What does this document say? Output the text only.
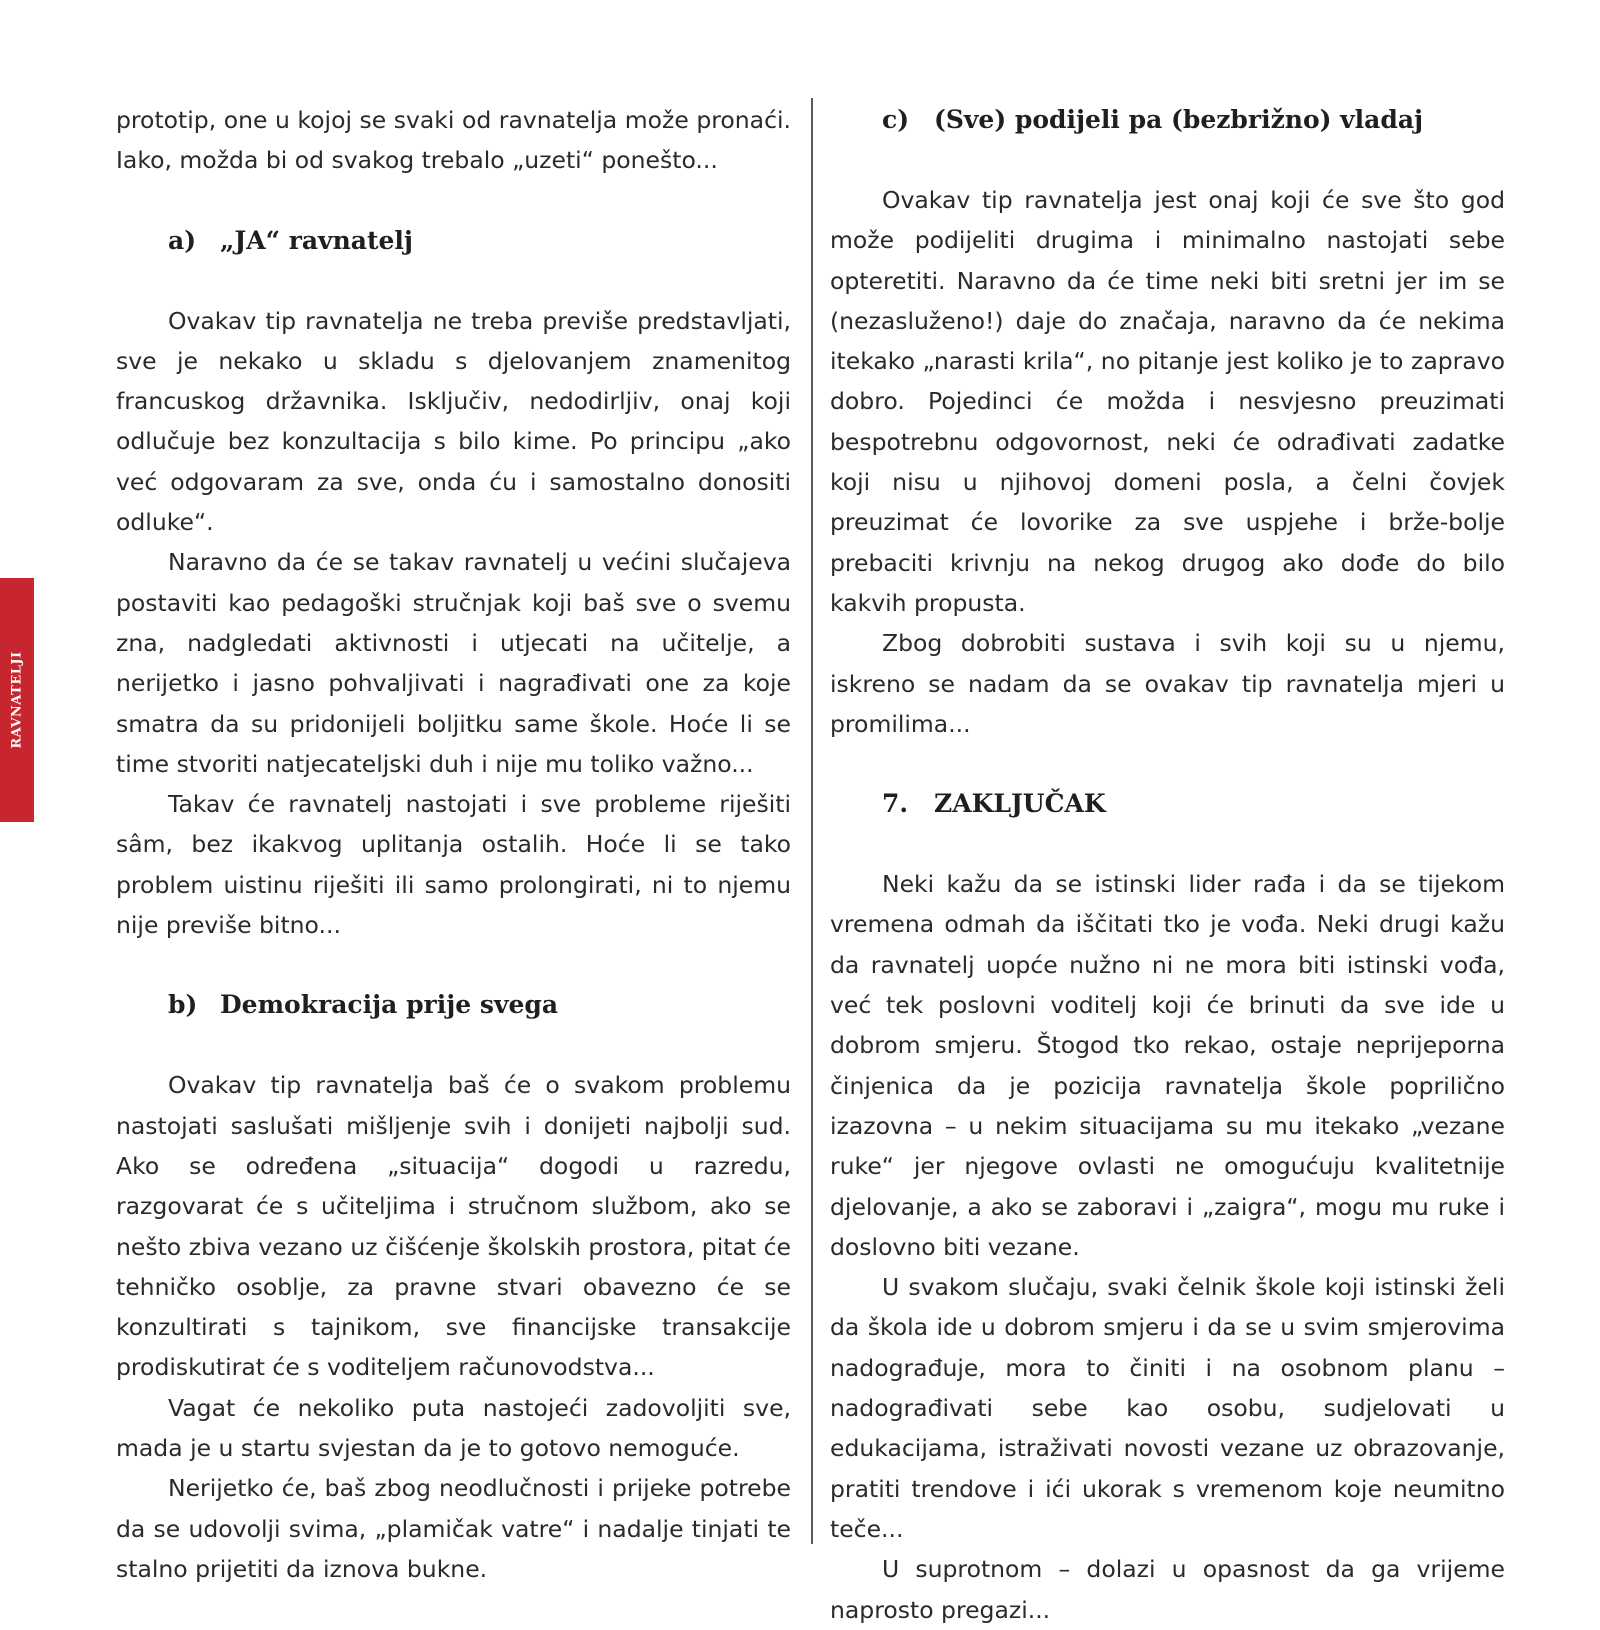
RAVNATELJI

prototip, one u kojoj se svaki od ravnatelja može pronaći. Iako, možda bi od svakog trebalo „uzeti“ ponešto...

a) „JA“ ravnatelj

Ovakav tip ravnatelja ne treba previše predstavljati, sve je nekako u skladu s djelovanjem znamenitog francuskog državnika. Isključiv, nedodirljiv, onaj koji odlučuje bez konzultacija s bilo kime. Po principu „ako već odgovaram za sve, onda ću i samostalno donositi odluke“.

Naravno da će se takav ravnatelj u većini slučajeva postaviti kao pedagoški stručnjak koji baš sve o svemu zna, nadgledati aktivnosti i utjecati na učitelje, a nerijetko i jasno pohvaljivati i nagrađivati one za koje smatra da su pridonijeli boljitku same škole. Hoće li se time stvoriti natjecateljski duh i nije mu toliko važno...

Takav će ravnatelj nastojati i sve probleme riješiti sâm, bez ikakvog uplitanja ostalih. Hoće li se tako problem uistinu riješiti ili samo prolongirati, ni to njemu nije previše bitno...

b) Demokracija prije svega

Ovakav tip ravnatelja baš će o svakom problemu nastojati saslušati mišljenje svih i donijeti najbolji sud. Ako se određena „situacija“ dogodi u razredu, razgovarat će s učiteljima i stručnom službom, ako se nešto zbiva vezano uz čišćenje školskih prostora, pitat će tehničko osoblje, za pravne stvari obavezno će se konzultirati s tajnikom, sve financijske transakcije prodiskutirat će s voditeljem računovodstva...

Vagat će nekoliko puta nastojeći zadovoljiti sve, mada je u startu svjestan da je to gotovo nemoguće.

Nerijetko će, baš zbog neodlučnosti i prijeke potrebe da se udovolji svima, „plamičak vatre“ i nadalje tinjati te stalno prijetiti da iznova bukne.

c) (Sve) podijeli pa (bezbrižno) vladaj

Ovakav tip ravnatelja jest onaj koji će sve što god može podijeliti drugima i minimalno nastojati sebe opteretiti. Naravno da će time neki biti sretni jer im se (nezasluženo!) daje do značaja, naravno da će nekima itekako „narasti krila“, no pitanje jest koliko je to zapravo dobro. Pojedinci će možda i nesvjesno preuzimati bespotrebnu odgovornost, neki će odrađivati zadatke koji nisu u njihovoj domeni posla, a čelni čovjek preuzimat će lovorike za sve uspjehe i brže-bolje prebaciti krivnju na nekog drugog ako dođe do bilo kakvih propusta.

Zbog dobrobiti sustava i svih koji su u njemu, iskreno se nadam da se ovakav tip ravnatelja mjeri u promilima...

7. ZAKLJUČAK

Neki kažu da se istinski lider rađa i da se tijekom vremena odmah da iščitati tko je vođa. Neki drugi kažu da ravnatelj uopće nužno ni ne mora biti istinski vođa, već tek poslovni voditelj koji će brinuti da sve ide u dobrom smjeru. Štogod tko rekao, ostaje neprijeporna činjenica da je pozicija ravnatelja škole poprilično izazovna – u nekim situacijama su mu itekako „vezane ruke“ jer njegove ovlasti ne omogućuju kvalitetnije djelovanje, a ako se zaboravi i „zaigra“, mogu mu ruke i doslovno biti vezane.

U svakom slučaju, svaki čelnik škole koji istinski želi da škola ide u dobrom smjeru i da se u svim smjerovima nadograđuje, mora to činiti i na osobnom planu – nadograđivati sebe kao osobu, sudjelovati u edukacijama, istraživati novosti vezane uz obrazovanje, pratiti trendove i ići ukorak s vremenom koje neumitno teče...

U suprotnom – dolazi u opasnost da ga vrijeme naprosto pregazi...
